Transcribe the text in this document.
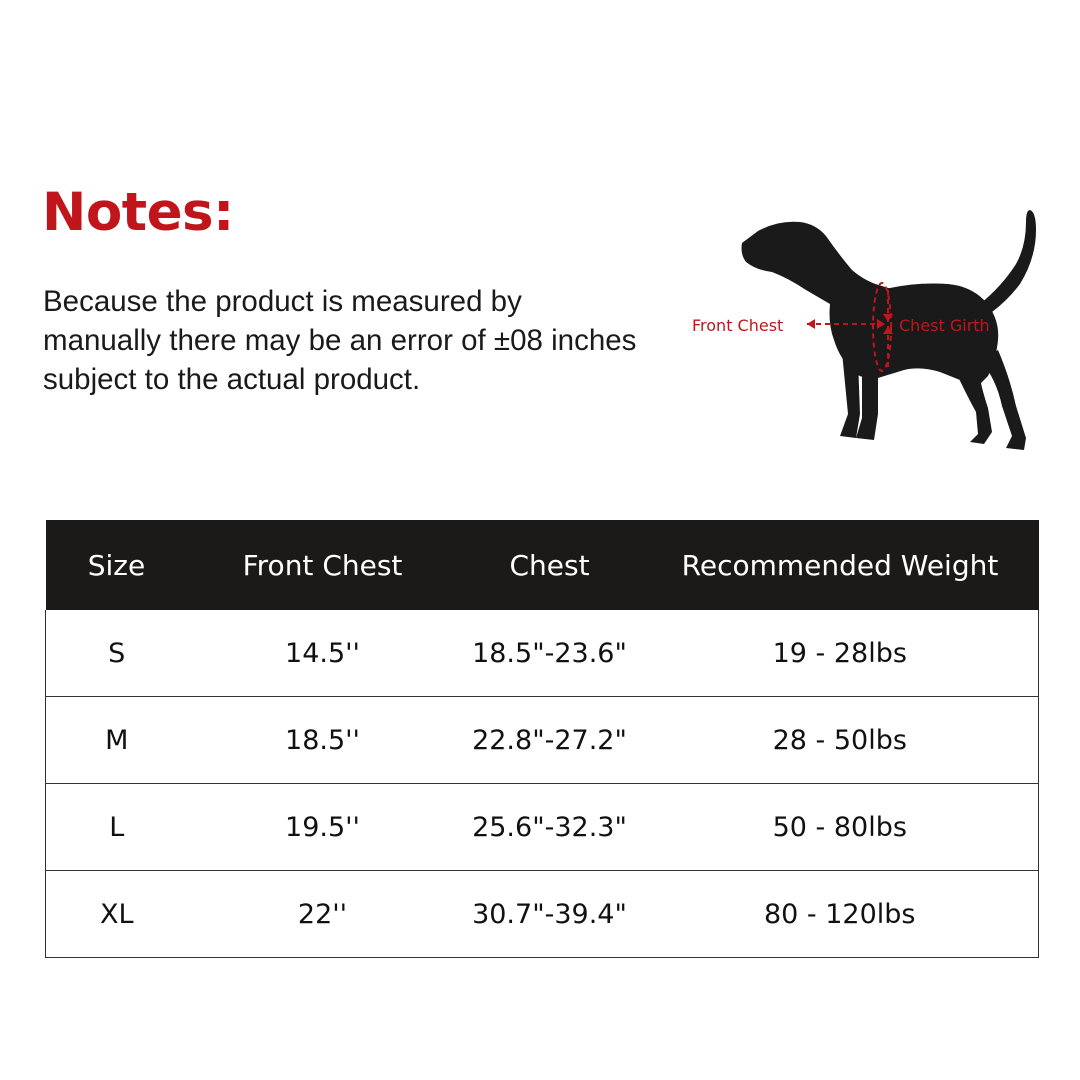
Notes:

Because the product is measured by manually there may be an error of ±08 inches subject to the actual product.

Front Chest	Chest Girth
Size	Front Chest	Chest	Recommended Weight
S	14.5''	18.5"-23.6"	19 - 28lbs
M	18.5''	22.8"-27.2"	28 - 50lbs
L	19.5''	25.6"-32.3"	50 - 80lbs
XL	22''	30.7"-39.4"	80 - 120lbs
